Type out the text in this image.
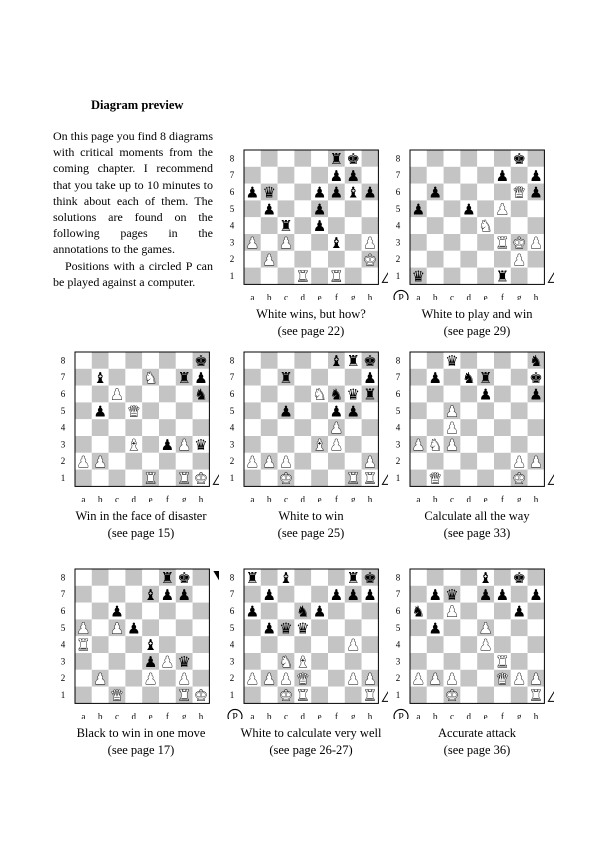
Diagram preview

On this page you find 8 diagrams with critical moments from the coming chapter. I recommend that you take up to 10 minutes to think about each of them. The solutions are found on the following pages in the annotations to the games.

Positions with a circled P can be played against a computer.

8
7
6
5
4
3
2
1
a b c d e f g h
♜ ♚
♟ ♟
♟ ♛ ♟ ♟ ♝ ♟
♟ ♟
♜ ♟
♟ ♟ ♝ ♟
♟	♚
♜ ♜
8
7
6
5
4
3
2
1
a b c d e f g h
♚
♟ ♟
♟	♛ ♟
♟ ♟ ♟
♞
♜ ♚ ♟
♟
♛	♜
P
8
7
6
5
4
3
2
1
a b c d e f g h
♚
♝ ♞ ♜ ♟
♟	♞
♟ ♛
♝ ♟ ♟ ♛
♟ ♟
♜ ♜ ♚
8
7
6
5
4
3
2
1
a b c d e f g h
♝ ♜ ♚
♜	♟
♞ ♞ ♛ ♜
♟ ♟ ♟
♟
♝ ♟
♟ ♟ ♟	♟
♚	♜ ♜
8
7
6
5
4
3
2
1
a b c d e f g h
♛	♞
♟ ♞ ♜ ♚
♟ ♟
♟
♟
♟ ♞ ♟
♟ ♟
♛	♚
8
7
6
5
4
3
2
1
a b c d e f g h
♜ ♚
♝ ♟ ♟
♟
♟ ♟ ♟
♜	♝
♟ ♟ ♛
♟ ♟ ♟
♛	♜ ♚
8
7
6
5
4
3
2
1
a b c d e f g h
♜ ♝	♜ ♚
♟	♟ ♟ ♟
♟ ♞ ♟
♟ ♛ ♛
♟
♞ ♝
♟ ♟ ♟ ♛ ♟ ♟
♚ ♜	♜
P
8
7
6
5
4
3
2
1
a b c d e f g h
♝ ♚
♟ ♛ ♟ ♟ ♟
♞ ♟	♟
♟ ♟
♟
♜
♟ ♟ ♟ ♛ ♟ ♟
♚	♜
P
White wins, but how?
(see page 22)
White to play and win
(see page 29)
Win in the face of disaster
(see page 15)
White to win
(see page 25)
Calculate all the way
(see page 33)
Black to win in one move
(see page 17)
White to calculate very well
(see page 26-27)
Accurate attack
(see page 36)
